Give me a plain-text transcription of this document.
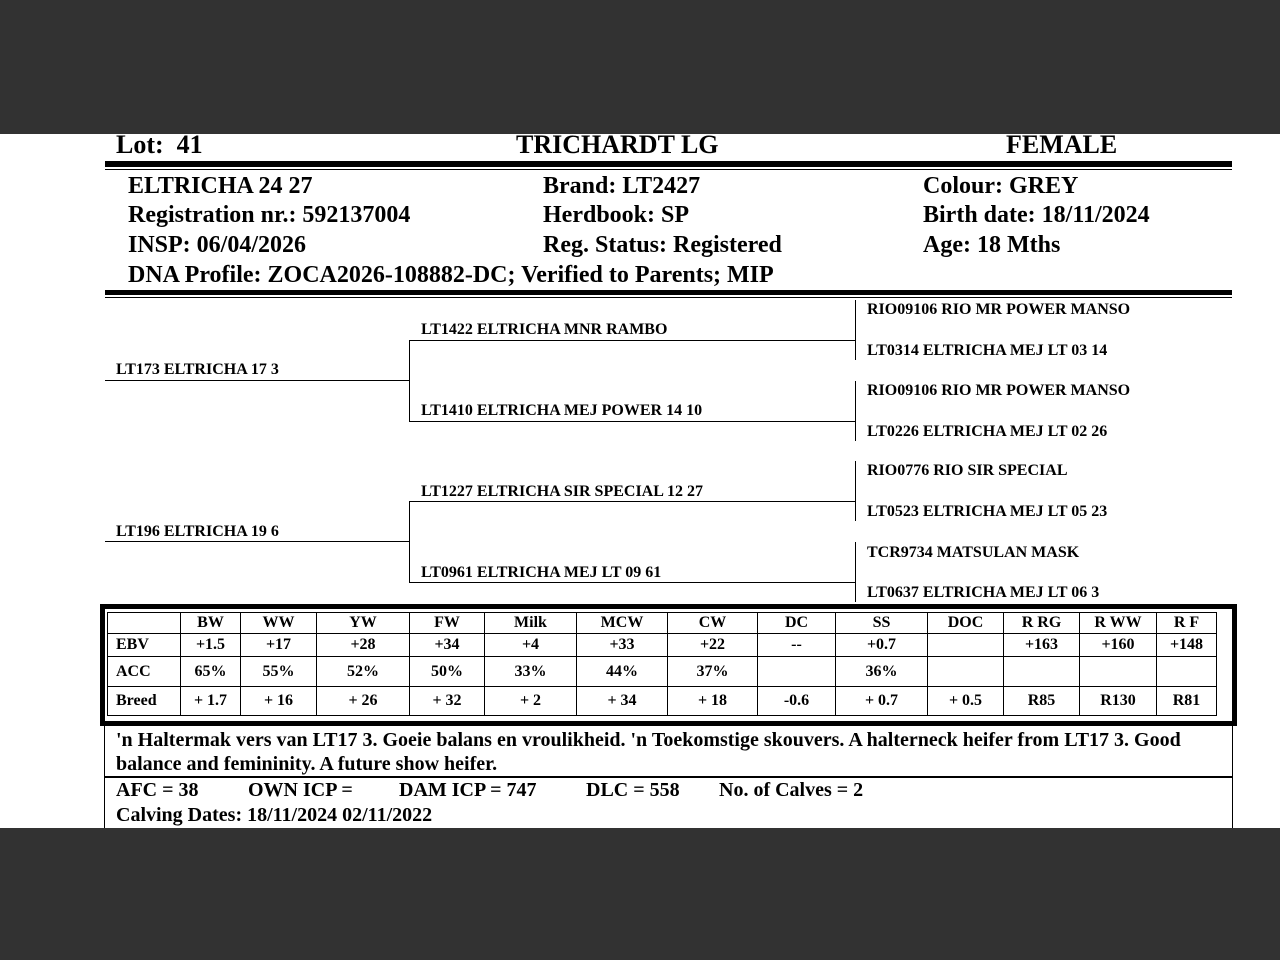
Lot: 41	TRICHARDT LG	FEMALE
ELTRICHA 24 27	Brand: LT2427	Colour: GREY
Registration nr.: 592137004	Herdbook: SP	Birth date: 18/11/2024
INSP: 06/04/2026	Reg. Status: Registered	Age: 18 Mths
DNA Profile: ZOCA2026-108882-DC; Verified to Parents; MIP
LT173 ELTRICHA 17 3
LT196 ELTRICHA 19 6
LT1422 ELTRICHA MNR RAMBO
LT1410 ELTRICHA MEJ POWER 14 10
LT1227 ELTRICHA SIR SPECIAL 12 27
LT0961 ELTRICHA MEJ LT 09 61
RIO09106 RIO MR POWER MANSO
LT0314 ELTRICHA MEJ LT 03 14
RIO09106 RIO MR POWER MANSO
LT0226 ELTRICHA MEJ LT 02 26
RIO0776 RIO SIR SPECIAL
LT0523 ELTRICHA MEJ LT 05 23
TCR9734 MATSULAN MASK
LT0637 ELTRICHA MEJ LT 06 3
	BW	WW	YW	FW	Milk	MCW	CW	DC	SS	DOC	R RG	R WW	R F
EBV	+1.5	+17	+28	+34	+4	+33	+22	--	+0.7		+163	+160	+148
ACC	65%	55%	52%	50%	33%	44%	37%		36%				
Breed	+ 1.7	+ 16	+ 26	+ 32	+ 2	+ 34	+ 18	-0.6	+ 0.7	+ 0.5	R85	R130	R81
'n Haltermak vers van LT17 3. Goeie balans en vroulikheid. 'n Toekomstige skouvers. A halterneck heifer from LT17 3. Good balance and femininity. A future show heifer.
AFC = 38 OWN ICP = DAM ICP = 747 DLC = 558 No. of Calves = 2
Calving Dates: 18/11/2024 02/11/2022
